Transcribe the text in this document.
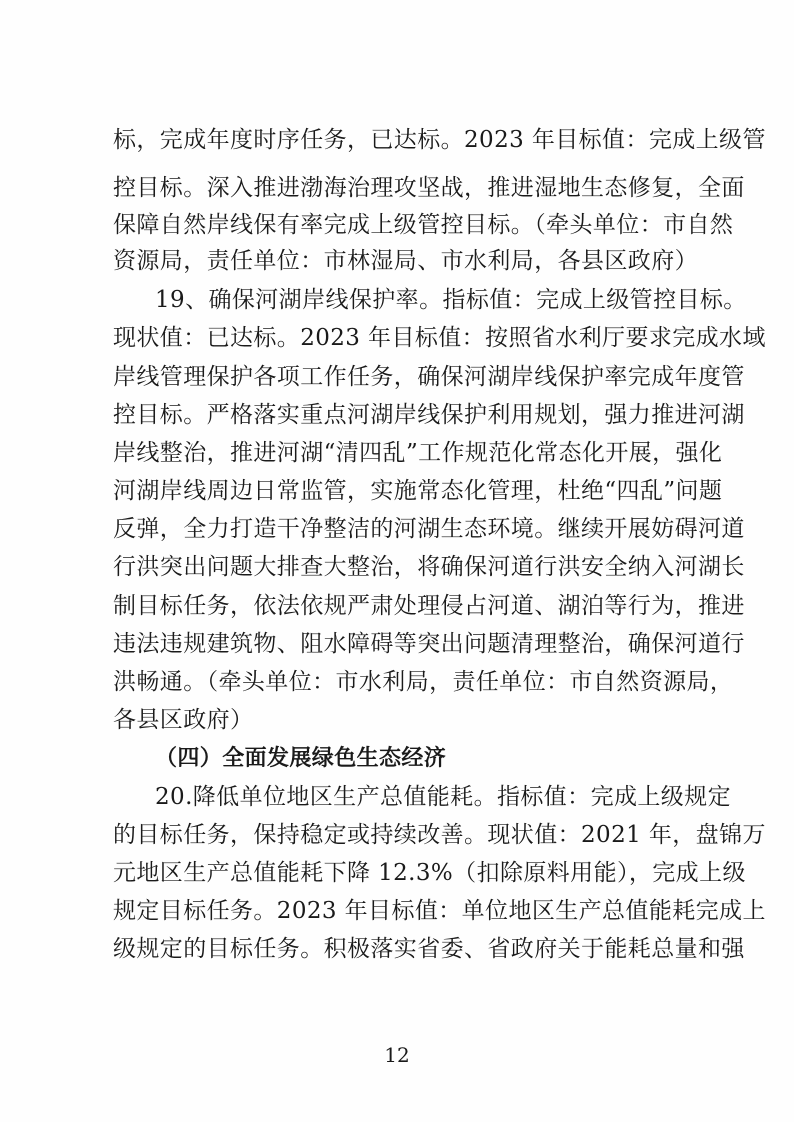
标，完成年度时序任务，已达标。2023 年目标值：完成上级管
控目标。深入推进渤海治理攻坚战，推进湿地生态修复，全面
保障自然岸线保有率完成上级管控目标。（牵头单位：市自然
资源局，责任单位：市林湿局、市水利局，各县区政府）
19、确保河湖岸线保护率。指标值：完成上级管控目标。
现状值：已达标。2023 年目标值：按照省水利厅要求完成水域
岸线管理保护各项工作任务，确保河湖岸线保护率完成年度管
控目标。严格落实重点河湖岸线保护利用规划，强力推进河湖
岸线整治，推进河湖“清四乱”工作规范化常态化开展，强化
河湖岸线周边日常监管，实施常态化管理，杜绝“四乱”问题
反弹，全力打造干净整洁的河湖生态环境。继续开展妨碍河道
行洪突出问题大排查大整治，将确保河道行洪安全纳入河湖长
制目标任务，依法依规严肃处理侵占河道、湖泊等行为，推进
违法违规建筑物、阻水障碍等突出问题清理整治，确保河道行
洪畅通。（牵头单位：市水利局，责任单位：市自然资源局，
各县区政府）
（四）全面发展绿色生态经济
20.降低单位地区生产总值能耗。指标值：完成上级规定
的目标任务，保持稳定或持续改善。现状值：2021 年，盘锦万
元地区生产总值能耗下降 12.3%（扣除原料用能），完成上级
规定目标任务。2023 年目标值：单位地区生产总值能耗完成上
级规定的目标任务。积极落实省委、省政府关于能耗总量和强
12
